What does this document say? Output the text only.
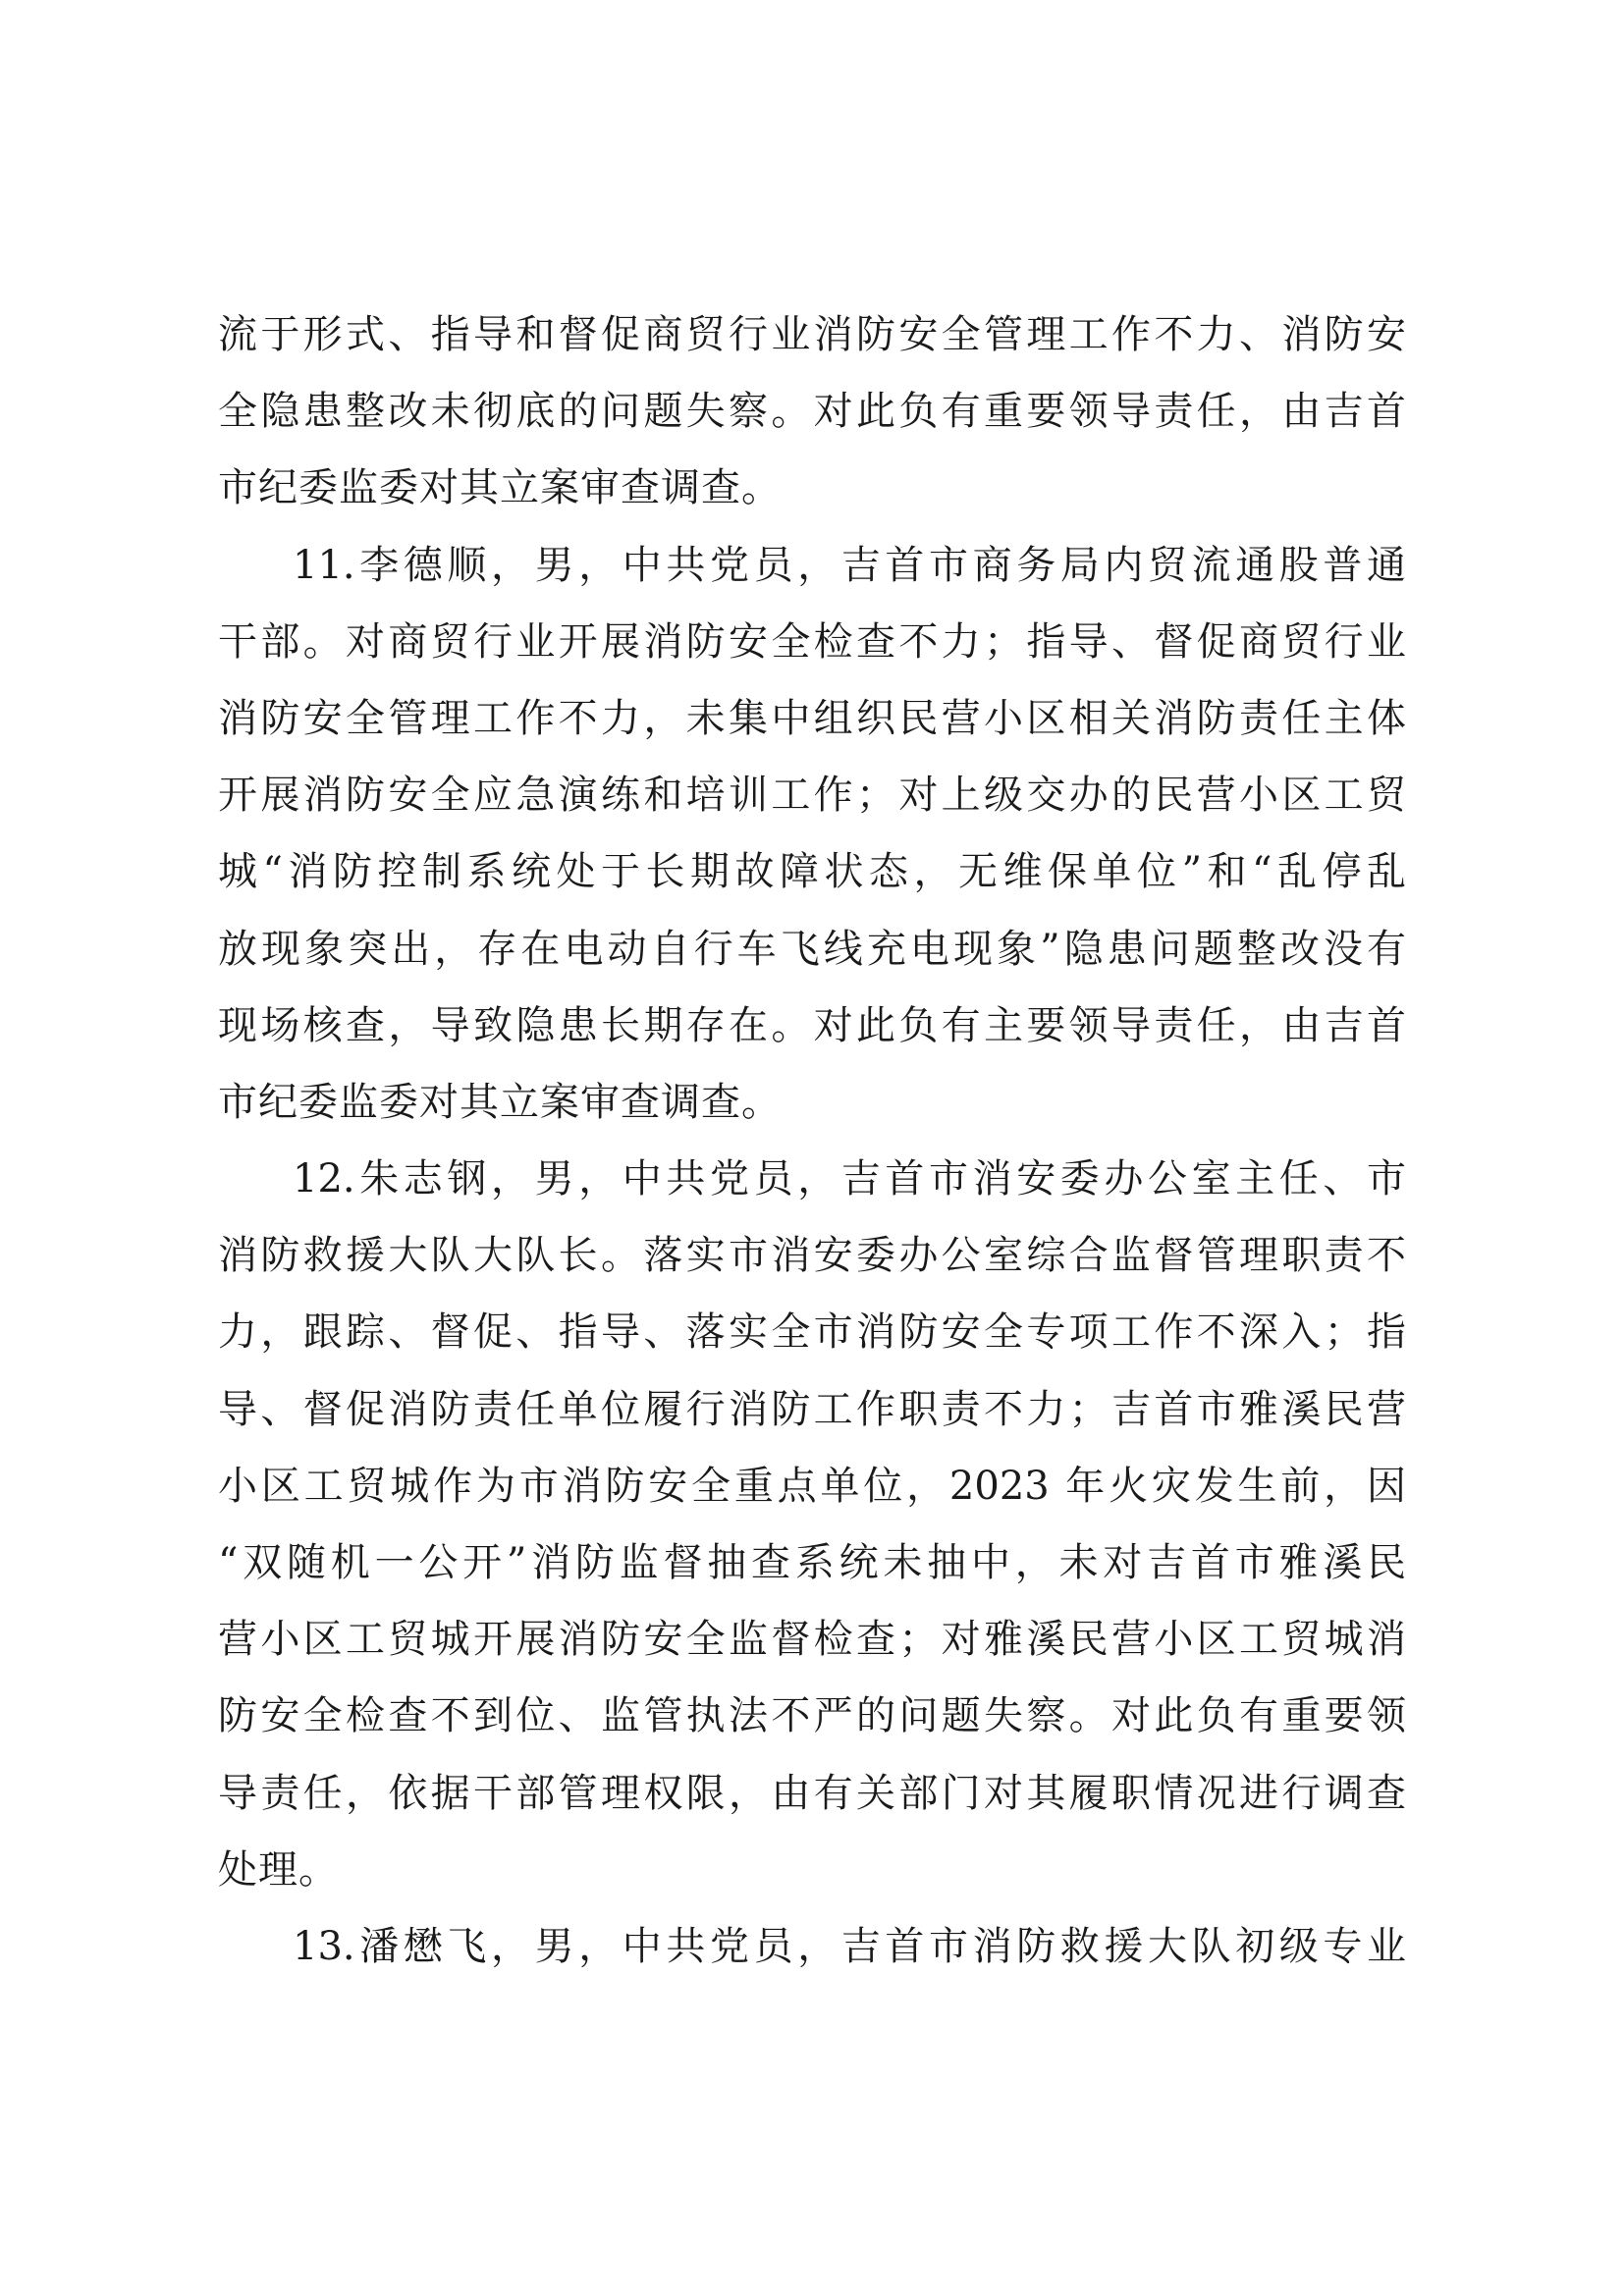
流于形式、指导和督促商贸行业消防安全管理工作不力、消防安
全隐患整改未彻底的问题失察。对此负有重要领导责任，由吉首
市纪委监委对其立案审查调查。
11.李德顺，男，中共党员，吉首市商务局内贸流通股普通
干部。对商贸行业开展消防安全检查不力；指导、督促商贸行业
消防安全管理工作不力，未集中组织民营小区相关消防责任主体
开展消防安全应急演练和培训工作；对上级交办的民营小区工贸
城“消防控制系统处于长期故障状态，无维保单位”和“乱停乱
放现象突出，存在电动自行车飞线充电现象”隐患问题整改没有
现场核查，导致隐患长期存在。对此负有主要领导责任，由吉首
市纪委监委对其立案审查调查。
12.朱志钢，男，中共党员，吉首市消安委办公室主任、市
消防救援大队大队长。落实市消安委办公室综合监督管理职责不
力，跟踪、督促、指导、落实全市消防安全专项工作不深入；指
导、督促消防责任单位履行消防工作职责不力；吉首市雅溪民营
小区工贸城作为市消防安全重点单位，2023 年火灾发生前，因
“双随机一公开”消防监督抽查系统未抽中，未对吉首市雅溪民
营小区工贸城开展消防安全监督检查；对雅溪民营小区工贸城消
防安全检查不到位、监管执法不严的问题失察。对此负有重要领
导责任，依据干部管理权限，由有关部门对其履职情况进行调查
处理。
13.潘懋飞，男，中共党员，吉首市消防救援大队初级专业
